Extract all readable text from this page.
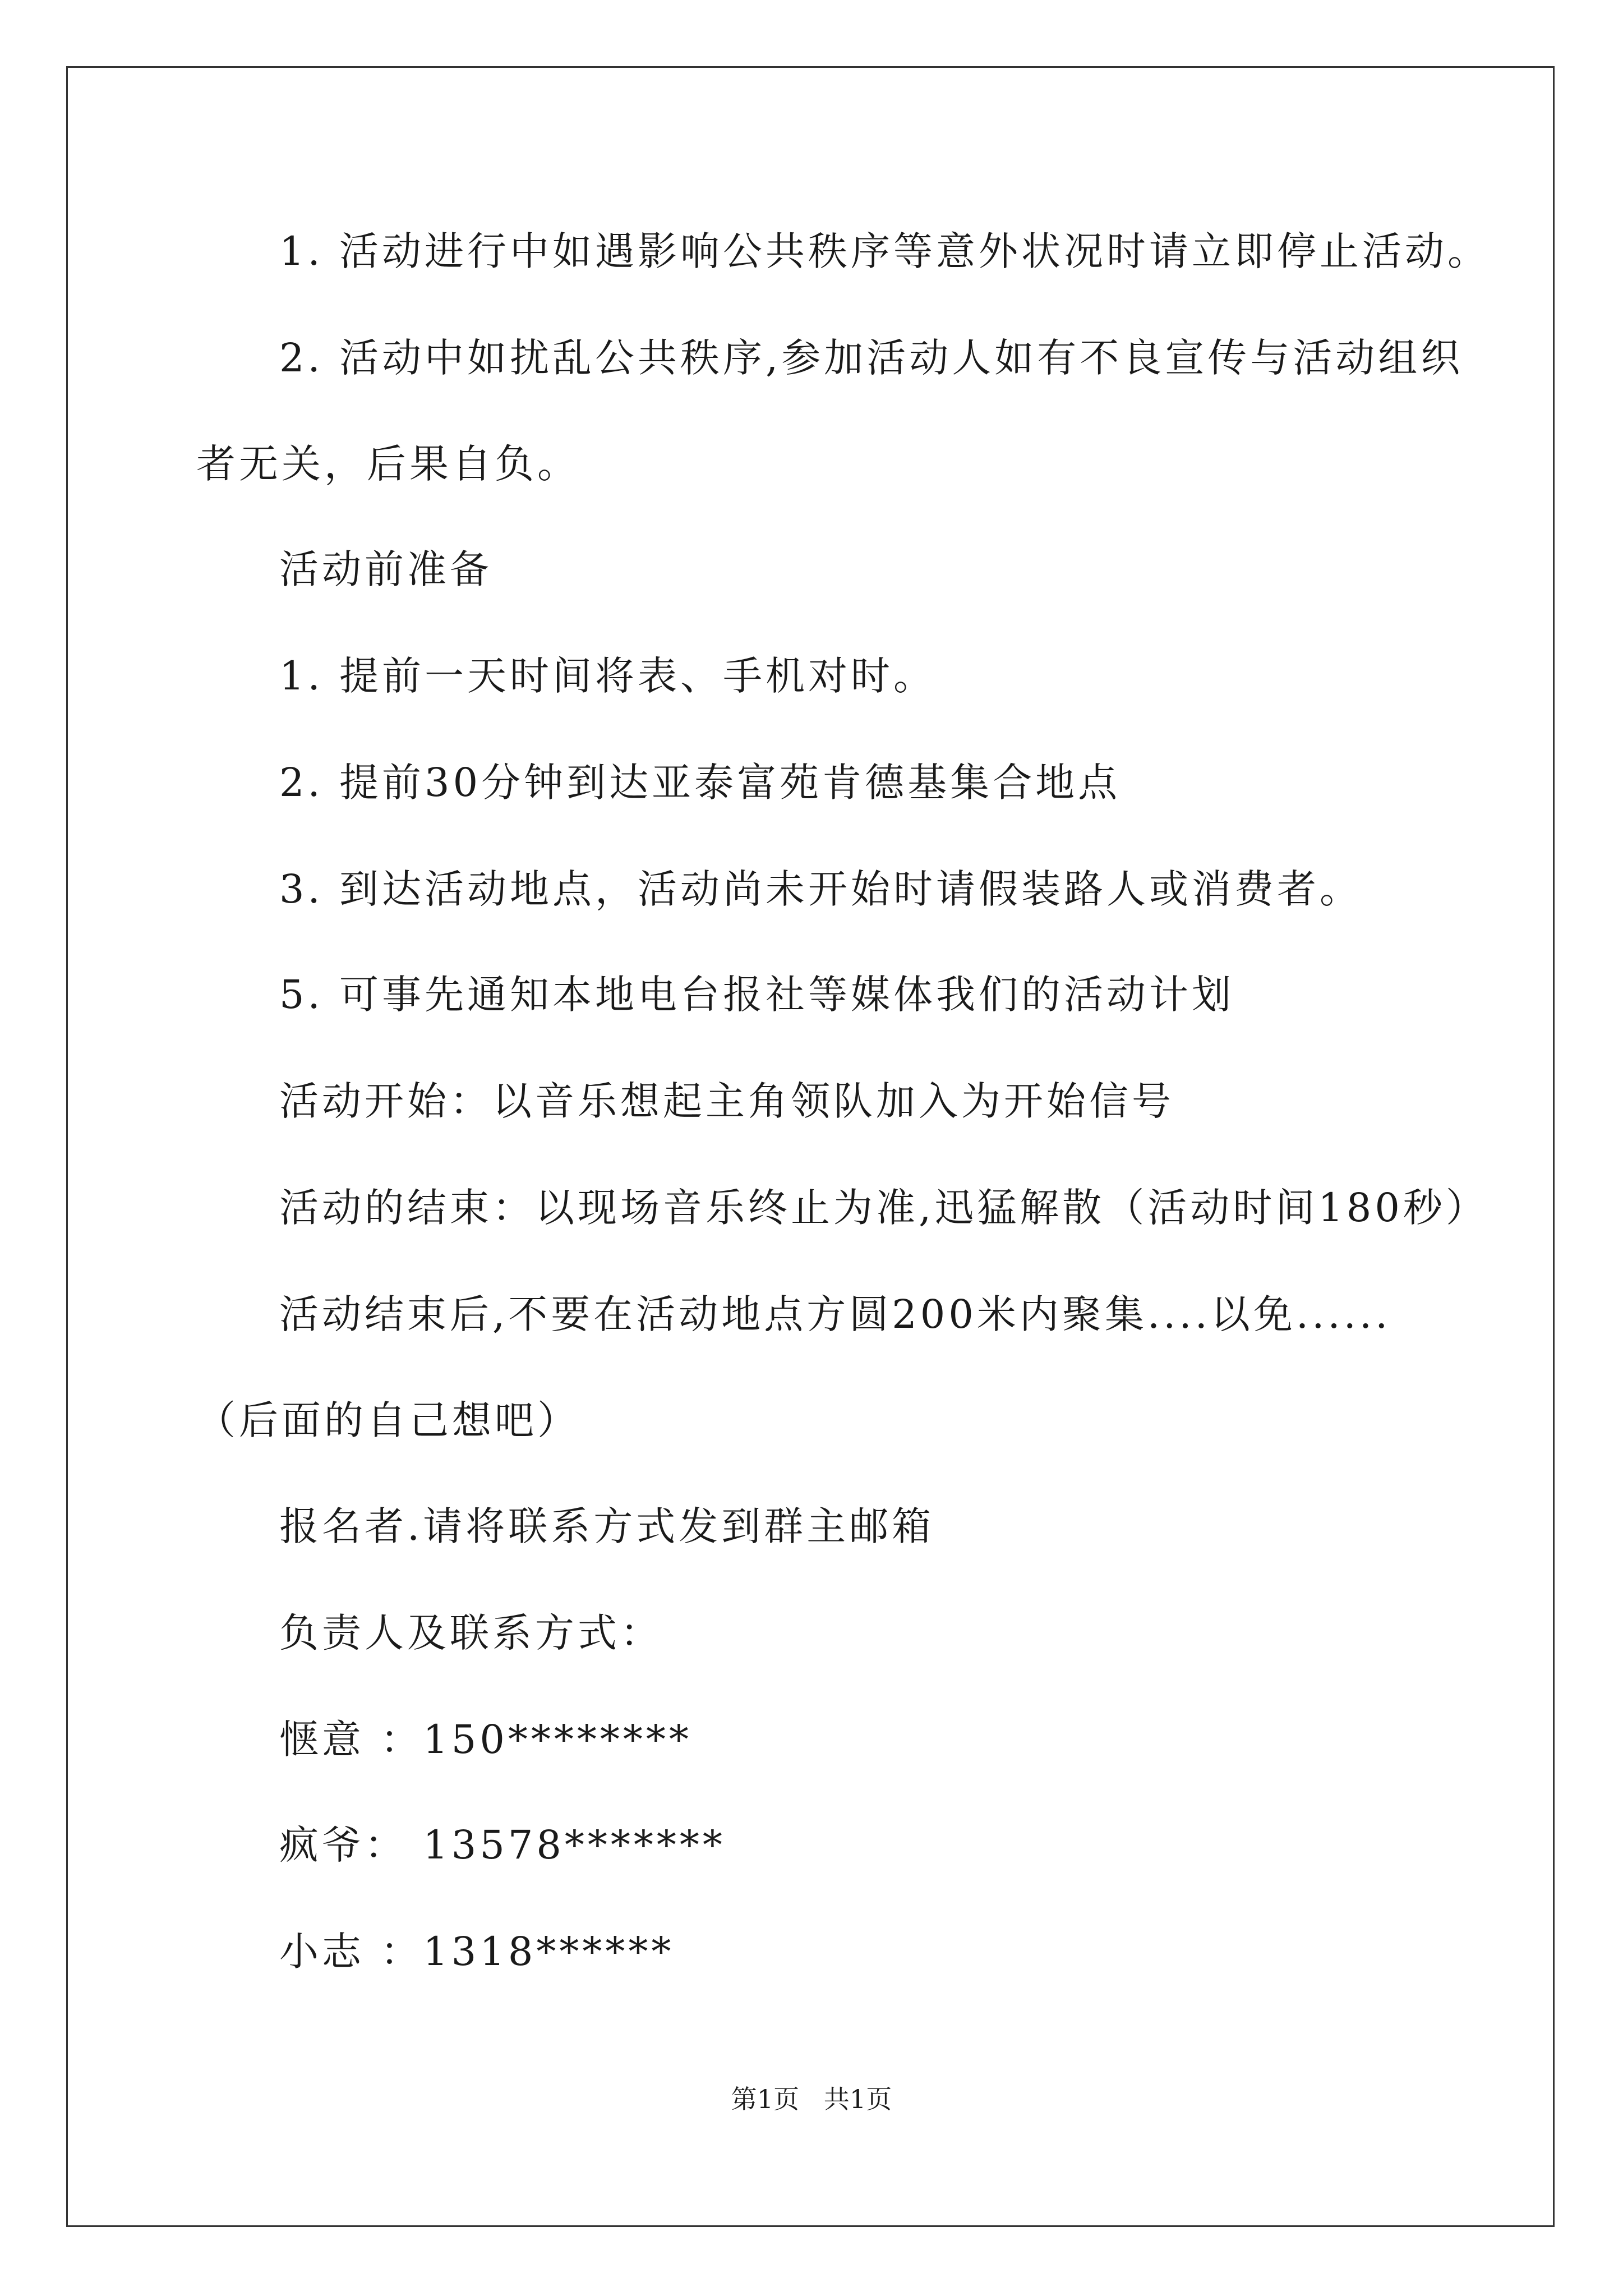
1. 活动进行中如遇影响公共秩序等意外状况时请立即停止活动。
2. 活动中如扰乱公共秩序,参加活动人如有不良宣传与活动组织
者无关，后果自负。
活动前准备
1. 提前一天时间将表、手机对时。
2. 提前30分钟到达亚泰富苑肯德基集合地点
3. 到达活动地点，活动尚未开始时请假装路人或消费者。
5. 可事先通知本地电台报社等媒体我们的活动计划
活动开始：以音乐想起主角领队加入为开始信号
活动的结束：以现场音乐终止为准,迅猛解散（活动时间180秒）
活动结束后,不要在活动地点方圆200米内聚集....以免......
（后面的自己想吧）
报名者.请将联系方式发到群主邮箱
负责人及联系方式：
惬意 ：150********
疯爷： 13578*******
小志 ：1318******
第1页   共1页
